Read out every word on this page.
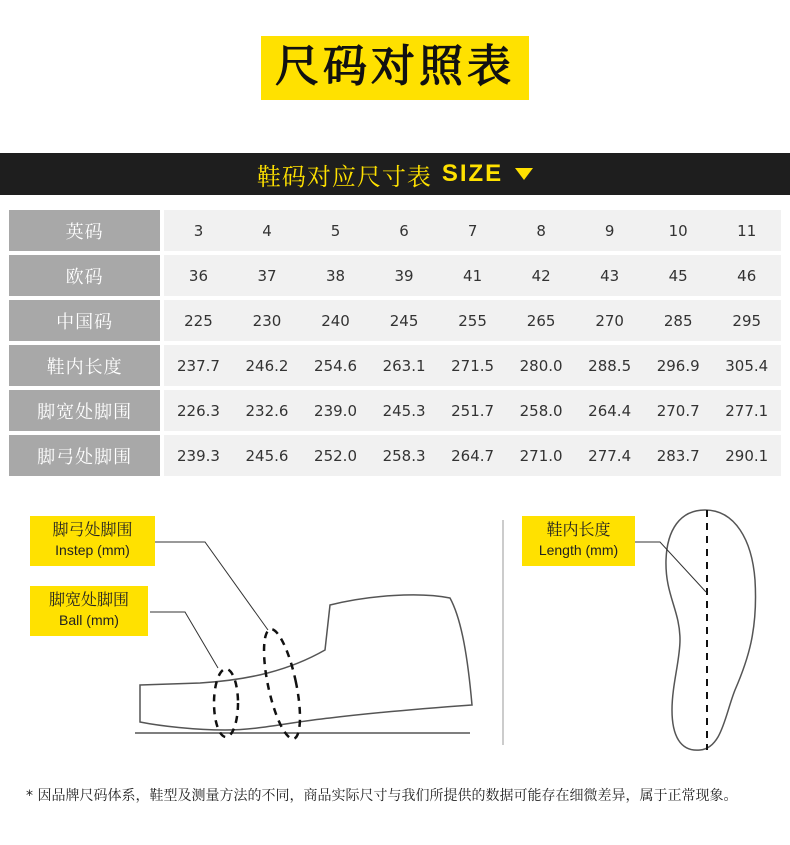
尺码对照表
鞋码对应尺寸表 SIZE
英码		3	4	5	6	7	8	9	10	11
欧码		36	37	38	39	41	42	43	45	46
中国码		225	230	240	245	255	265	270	285	295
鞋内长度		237.7	246.2	254.6	263.1	271.5	280.0	288.5	296.9	305.4
脚宽处脚围		226.3	232.6	239.0	245.3	251.7	258.0	264.4	270.7	277.1
脚弓处脚围		239.3	245.6	252.0	258.3	264.7	271.0	277.4	283.7	290.1
脚弓处脚围
Instep (mm)
脚宽处脚围
Ball (mm)
鞋内长度
Length (mm)
* 因品牌尺码体系，鞋型及测量方法的不同，商品实际尺寸与我们所提供的数据可能存在细微差异，属于正常现象。
